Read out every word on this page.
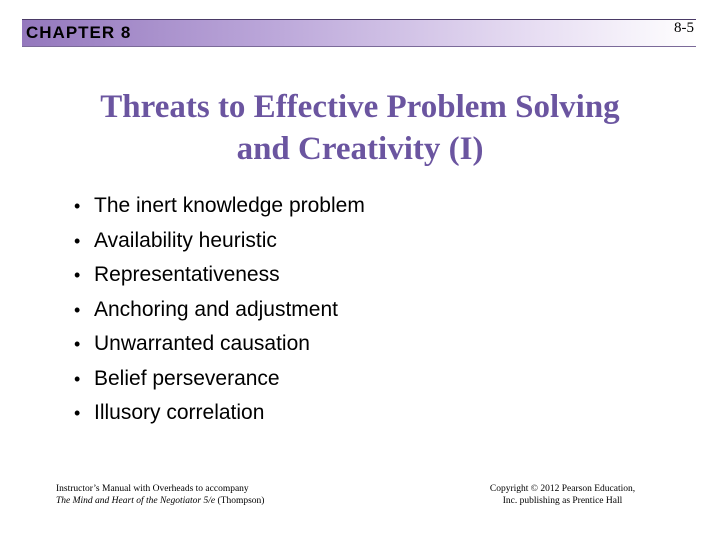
CHAPTER 8	8-5
Threats to Effective Problem Solving
and Creativity (I)
• The inert knowledge problem
• Availability heuristic
• Representativeness
• Anchoring and adjustment
• Unwarranted causation
• Belief perseverance
• Illusory correlation
Instructor’s Manual with Overheads to accompany
The Mind and Heart of the Negotiator 5/e (Thompson)
Copyright © 2012 Pearson Education,
Inc. publishing as Prentice Hall
